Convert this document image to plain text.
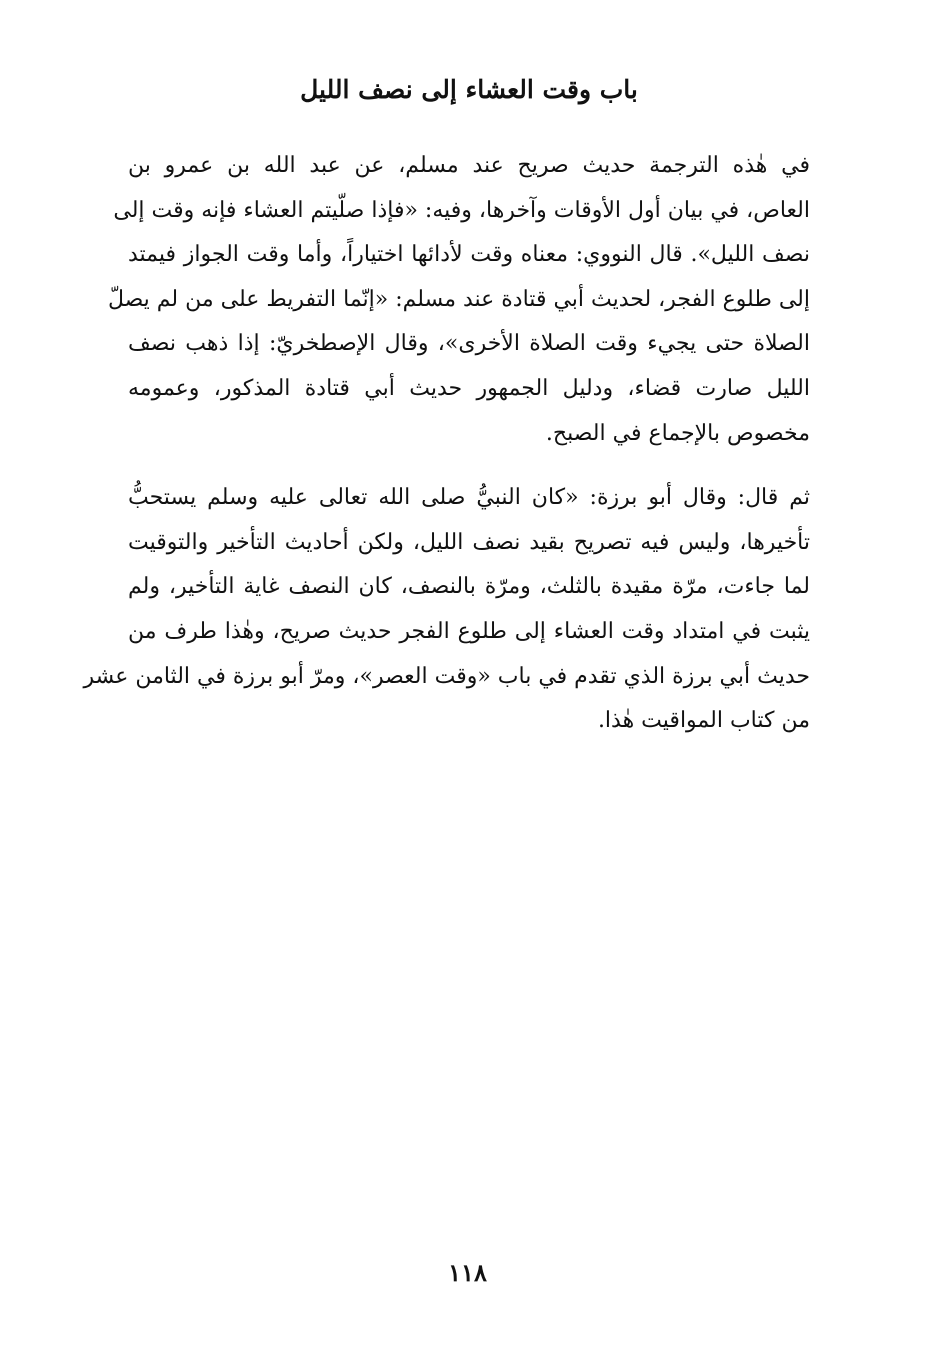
باب وقت العشاء إلى نصف الليل

في هٰذه الترجمة حديث صريح عند مسلم، عن عبد الله بن عمرو بن
العاص، في بيان أول الأوقات وآخرها، وفيه: «فإذا صلّيتم العشاء فإنه وقت إلى
نصف الليل». قال النووي: معناه وقت لأدائها اختياراً، وأما وقت الجواز فيمتد
إلى طلوع الفجر، لحديث أبي قتادة عند مسلم: «إنّما التفريط على من لم يصلّ
الصلاة حتى يجيء وقت الصلاة الأخرى»، وقال الإصطخريّ: إذا ذهب نصف
الليل صارت قضاء، ودليل الجمهور حديث أبي قتادة المذكور، وعمومه
مخصوص بالإجماع في الصبح.

ثم قال: وقال أبو برزة: «كان النبيُّ صلى الله تعالى عليه وسلم يستحبُّ
تأخيرها، وليس فيه تصريح بقيد نصف الليل، ولكن أحاديث التأخير والتوقيت
لما جاءت، مرّة مقيدة بالثلث، ومرّة بالنصف، كان النصف غاية التأخير، ولم
يثبت في امتداد وقت العشاء إلى طلوع الفجر حديث صريح، وهٰذا طرف من
حديث أبي برزة الذي تقدم في باب «وقت العصر»، ومرّ أبو برزة في الثامن عشر
من كتاب المواقيت هٰذا.

١١٨
